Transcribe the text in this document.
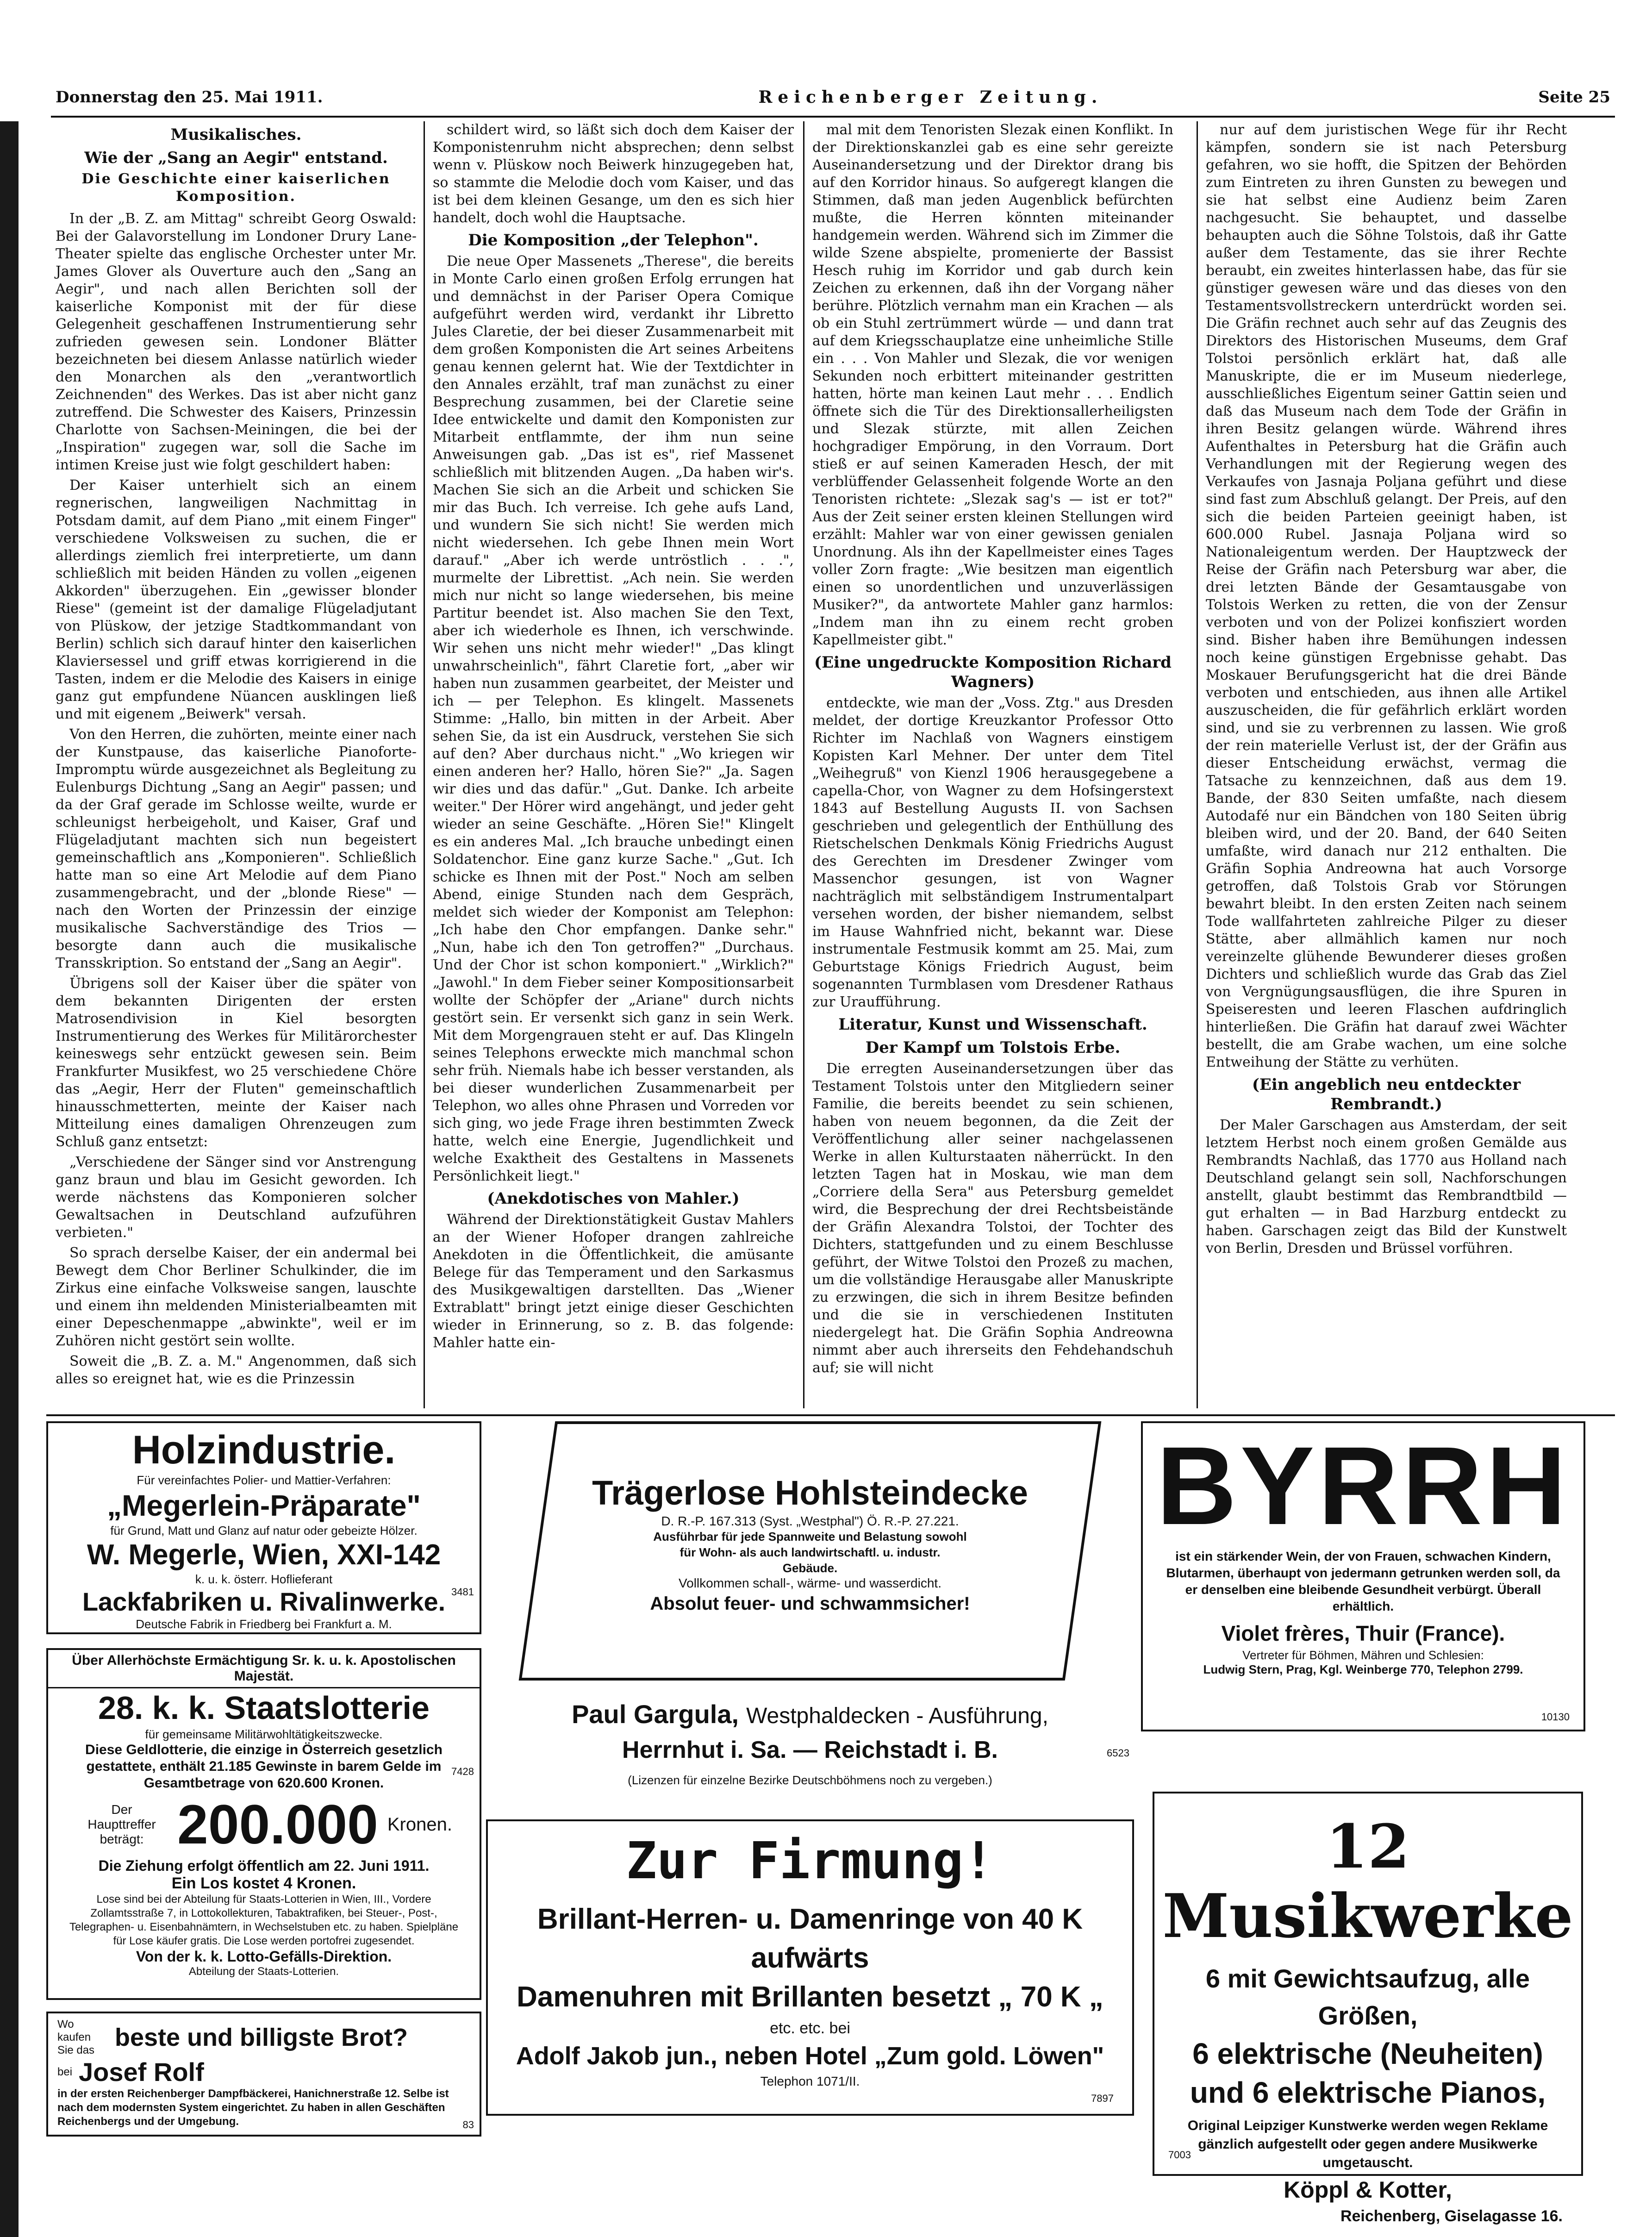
Donnerstag den 25. Mai 1911.	Reichenberger Zeitung.	Seite 25
Musikalisches.
Wie der „Sang an Aegir" entstand.
Die Geschichte einer kaiserlichen Komposition.

In der „B. Z. am Mittag" schreibt Georg Oswald: Bei der Galavorstellung im Londoner Drury Lane-Theater spielte das englische Orchester unter Mr. James Glover als Ouverture auch den „Sang an Aegir", und nach allen Berichten soll der kaiserliche Komponist mit der für diese Gelegenheit geschaffenen Instrumentierung sehr zufrieden gewesen sein. Londoner Blätter bezeichneten bei diesem Anlasse natürlich wieder den Monarchen als den „verantwortlich Zeichnenden" des Werkes. Das ist aber nicht ganz zutreffend. Die Schwester des Kaisers, Prinzessin Charlotte von Sachsen-Meiningen, die bei der „Inspiration" zugegen war, soll die Sache im intimen Kreise just wie folgt geschildert haben:

Der Kaiser unterhielt sich an einem regnerischen, langweiligen Nachmittag in Potsdam damit, auf dem Piano „mit einem Finger" verschiedene Volksweisen zu suchen, die er allerdings ziemlich frei interpretierte, um dann schließlich mit beiden Händen zu vollen „eigenen Akkorden" überzugehen. Ein „gewisser blonder Riese" (gemeint ist der damalige Flügeladjutant von Plüskow, der jetzige Stadtkommandant von Berlin) schlich sich darauf hinter den kaiserlichen Klaviersessel und griff etwas korrigierend in die Tasten, indem er die Melodie des Kaisers in einige ganz gut empfundene Nüancen ausklingen ließ und mit eigenem „Beiwerk" versah.

Von den Herren, die zuhörten, meinte einer nach der Kunstpause, das kaiserliche Pianoforte-Impromptu würde ausgezeichnet als Begleitung zu Eulenburgs Dichtung „Sang an Aegir" passen; und da der Graf gerade im Schlosse weilte, wurde er schleunigst herbeigeholt, und Kaiser, Graf und Flügeladjutant machten sich nun begeistert gemeinschaftlich ans „Komponieren". Schließlich hatte man so eine Art Melodie auf dem Piano zusammengebracht, und der „blonde Riese" — nach den Worten der Prinzessin der einzige musikalische Sachverständige des Trios — besorgte dann auch die musikalische Transskription. So entstand der „Sang an Aegir".

Übrigens soll der Kaiser über die später von dem bekannten Dirigenten der ersten Matrosendivision in Kiel besorgten Instrumentierung des Werkes für Militärorchester keineswegs sehr entzückt gewesen sein. Beim Frankfurter Musikfest, wo 25 verschiedene Chöre das „Aegir, Herr der Fluten" gemeinschaftlich hinausschmetterten, meinte der Kaiser nach Mitteilung eines damaligen Ohrenzeugen zum Schluß ganz entsetzt:

„Verschiedene der Sänger sind vor Anstrengung ganz braun und blau im Gesicht geworden. Ich werde nächstens das Komponieren solcher Gewaltsachen in Deutschland aufzuführen verbieten."

So sprach derselbe Kaiser, der ein andermal bei Bewegt dem Chor Berliner Schulkinder, die im Zirkus eine einfache Volksweise sangen, lauschte und einem ihn meldenden Ministerialbeamten mit einer Depeschenmappe „abwinkte", weil er im Zuhören nicht gestört sein wollte.

Soweit die „B. Z. a. M." Angenommen, daß sich alles so ereignet hat, wie es die Prinzessin

schildert wird, so läßt sich doch dem Kaiser der Komponistenruhm nicht absprechen; denn selbst wenn v. Plüskow noch Beiwerk hinzugegeben hat, so stammte die Melodie doch vom Kaiser, und das ist bei dem kleinen Gesange, um den es sich hier handelt, doch wohl die Hauptsache.

Die Komposition „der Telephon".

Die neue Oper Massenets „Therese", die bereits in Monte Carlo einen großen Erfolg errungen hat und demnächst in der Pariser Opera Comique aufgeführt werden wird, verdankt ihr Libretto Jules Claretie, der bei dieser Zusammenarbeit mit dem großen Komponisten die Art seines Arbeitens genau kennen gelernt hat. Wie der Textdichter in den Annales erzählt, traf man zunächst zu einer Besprechung zusammen, bei der Claretie seine Idee entwickelte und damit den Komponisten zur Mitarbeit entflammte, der ihm nun seine Anweisungen gab. „Das ist es", rief Massenet schließlich mit blitzenden Augen. „Da haben wir's. Machen Sie sich an die Arbeit und schicken Sie mir das Buch. Ich verreise. Ich gehe aufs Land, und wundern Sie sich nicht! Sie werden mich nicht wiedersehen. Ich gebe Ihnen mein Wort darauf." „Aber ich werde untröstlich . . .", murmelte der Librettist. „Ach nein. Sie werden mich nur nicht so lange wiedersehen, bis meine Partitur beendet ist. Also machen Sie den Text, aber ich wiederhole es Ihnen, ich verschwinde. Wir sehen uns nicht mehr wieder!" „Das klingt unwahrscheinlich", fährt Claretie fort, „aber wir haben nun zusammen gearbeitet, der Meister und ich — per Telephon. Es klingelt. Massenets Stimme: „Hallo, bin mitten in der Arbeit. Aber sehen Sie, da ist ein Ausdruck, verstehen Sie sich auf den? Aber durchaus nicht." „Wo kriegen wir einen anderen her? Hallo, hören Sie?" „Ja. Sagen wir dies und das dafür." „Gut. Danke. Ich arbeite weiter." Der Hörer wird angehängt, und jeder geht wieder an seine Geschäfte. „Hören Sie!" Klingelt es ein anderes Mal. „Ich brauche unbedingt einen Soldatenchor. Eine ganz kurze Sache." „Gut. Ich schicke es Ihnen mit der Post." Noch am selben Abend, einige Stunden nach dem Gespräch, meldet sich wieder der Komponist am Telephon: „Ich habe den Chor empfangen. Danke sehr." „Nun, habe ich den Ton getroffen?" „Durchaus. Und der Chor ist schon komponiert." „Wirklich?" „Jawohl." In dem Fieber seiner Kompositionsarbeit wollte der Schöpfer der „Ariane" durch nichts gestört sein. Er versenkt sich ganz in sein Werk. Mit dem Morgengrauen steht er auf. Das Klingeln seines Telephons erweckte mich manchmal schon sehr früh. Niemals habe ich besser verstanden, als bei dieser wunderlichen Zusammenarbeit per Telephon, wo alles ohne Phrasen und Vorreden vor sich ging, wo jede Frage ihren bestimmten Zweck hatte, welch eine Energie, Jugendlichkeit und welche Exaktheit des Gestaltens in Massenets Persönlichkeit liegt."

(Anekdotisches von Mahler.)

Während der Direktionstätigkeit Gustav Mahlers an der Wiener Hofoper drangen zahlreiche Anekdoten in die Öffentlichkeit, die amüsante Belege für das Temperament und den Sarkasmus des Musikgewaltigen darstellten. Das „Wiener Extrablatt" bringt jetzt einige dieser Geschichten wieder in Erinnerung, so z. B. das folgende: Mahler hatte ein-

mal mit dem Tenoristen Slezak einen Konflikt. In der Direktionskanzlei gab es eine sehr gereizte Auseinandersetzung und der Direktor drang bis auf den Korridor hinaus. So aufgeregt klangen die Stimmen, daß man jeden Augenblick befürchten mußte, die Herren könnten miteinander handgemein werden. Während sich im Zimmer die wilde Szene abspielte, promenierte der Bassist Hesch ruhig im Korridor und gab durch kein Zeichen zu erkennen, daß ihn der Vorgang näher berühre. Plötzlich vernahm man ein Krachen — als ob ein Stuhl zertrümmert würde — und dann trat auf dem Kriegsschauplatze eine unheimliche Stille ein . . . Von Mahler und Slezak, die vor wenigen Sekunden noch erbittert miteinander gestritten hatten, hörte man keinen Laut mehr . . . Endlich öffnete sich die Tür des Direktionsallerheiligsten und Slezak stürzte, mit allen Zeichen hochgradiger Empörung, in den Vorraum. Dort stieß er auf seinen Kameraden Hesch, der mit verblüffender Gelassenheit folgende Worte an den Tenoristen richtete: „Slezak sag's — ist er tot?" Aus der Zeit seiner ersten kleinen Stellungen wird erzählt: Mahler war von einer gewissen genialen Unordnung. Als ihn der Kapellmeister eines Tages voller Zorn fragte: „Wie besitzen man eigentlich einen so unordentlichen und unzuverlässigen Musiker?", da antwortete Mahler ganz harmlos: „Indem man ihn zu einem recht groben Kapellmeister gibt."

(Eine ungedruckte Komposition Richard Wagners)

entdeckte, wie man der „Voss. Ztg." aus Dresden meldet, der dortige Kreuzkantor Professor Otto Richter im Nachlaß von Wagners einstigem Kopisten Karl Mehner. Der unter dem Titel „Weihegruß" von Kienzl 1906 herausgegebene a capella-Chor, von Wagner zu dem Hofsingerstext 1843 auf Bestellung Augusts II. von Sachsen geschrieben und gelegentlich der Enthüllung des Rietschelschen Denkmals König Friedrichs August des Gerechten im Dresdener Zwinger vom Massenchor gesungen, ist von Wagner nachträglich mit selbständigem Instrumentalpart versehen worden, der bisher niemandem, selbst im Hause Wahnfried nicht, bekannt war. Diese instrumentale Festmusik kommt am 25. Mai, zum Geburtstage Königs Friedrich August, beim sogenannten Turmblasen vom Dresdener Rathaus zur Uraufführung.

Literatur, Kunst und Wissenschaft.
Der Kampf um Tolstois Erbe.

Die erregten Auseinandersetzungen über das Testament Tolstois unter den Mitgliedern seiner Familie, die bereits beendet zu sein schienen, haben von neuem begonnen, da die Zeit der Veröffentlichung aller seiner nachgelassenen Werke in allen Kulturstaaten näherrückt. In den letzten Tagen hat in Moskau, wie man dem „Corriere della Sera" aus Petersburg gemeldet wird, die Besprechung der drei Rechtsbeistände der Gräfin Alexandra Tolstoi, der Tochter des Dichters, stattgefunden und zu einem Beschlusse geführt, der Witwe Tolstoi den Prozeß zu machen, um die vollständige Herausgabe aller Manuskripte zu erzwingen, die sich in ihrem Besitze befinden und die sie in verschiedenen Instituten niedergelegt hat. Die Gräfin Sophia Andreowna nimmt aber auch ihrerseits den Fehdehandschuh auf; sie will nicht

nur auf dem juristischen Wege für ihr Recht kämpfen, sondern sie ist nach Petersburg gefahren, wo sie hofft, die Spitzen der Behörden zum Eintreten zu ihren Gunsten zu bewegen und sie hat selbst eine Audienz beim Zaren nachgesucht. Sie behauptet, und dasselbe behaupten auch die Söhne Tolstois, daß ihr Gatte außer dem Testamente, das sie ihrer Rechte beraubt, ein zweites hinterlassen habe, das für sie günstiger gewesen wäre und das dieses von den Testamentsvollstreckern unterdrückt worden sei. Die Gräfin rechnet auch sehr auf das Zeugnis des Direktors des Historischen Museums, dem Graf Tolstoi persönlich erklärt hat, daß alle Manuskripte, die er im Museum niederlege, ausschließliches Eigentum seiner Gattin seien und daß das Museum nach dem Tode der Gräfin in ihren Besitz gelangen würde. Während ihres Aufenthaltes in Petersburg hat die Gräfin auch Verhandlungen mit der Regierung wegen des Verkaufes von Jasnaja Poljana geführt und diese sind fast zum Abschluß gelangt. Der Preis, auf den sich die beiden Parteien geeinigt haben, ist 600.000 Rubel. Jasnaja Poljana wird so Nationaleigentum werden. Der Hauptzweck der Reise der Gräfin nach Petersburg war aber, die drei letzten Bände der Gesamtausgabe von Tolstois Werken zu retten, die von der Zensur verboten und von der Polizei konfisziert worden sind. Bisher haben ihre Bemühungen indessen noch keine günstigen Ergebnisse gehabt. Das Moskauer Berufungsgericht hat die drei Bände verboten und entschieden, aus ihnen alle Artikel auszuscheiden, die für gefährlich erklärt worden sind, und sie zu verbrennen zu lassen. Wie groß der rein materielle Verlust ist, der der Gräfin aus dieser Entscheidung erwächst, vermag die Tatsache zu kennzeichnen, daß aus dem 19. Bande, der 830 Seiten umfaßte, nach diesem Autodafé nur ein Bändchen von 180 Seiten übrig bleiben wird, und der 20. Band, der 640 Seiten umfaßte, wird danach nur 212 enthalten. Die Gräfin Sophia Andreowna hat auch Vorsorge getroffen, daß Tolstois Grab vor Störungen bewahrt bleibt. In den ersten Zeiten nach seinem Tode wallfahrteten zahlreiche Pilger zu dieser Stätte, aber allmählich kamen nur noch vereinzelte glühende Bewunderer dieses großen Dichters und schließlich wurde das Grab das Ziel von Vergnügungsausflügen, die ihre Spuren in Speiseresten und leeren Flaschen aufdringlich hinterließen. Die Gräfin hat darauf zwei Wächter bestellt, die am Grabe wachen, um eine solche Entweihung der Stätte zu verhüten.

(Ein angeblich neu entdeckter Rembrandt.)

Der Maler Garschagen aus Amsterdam, der seit letztem Herbst noch einem großen Gemälde aus Rembrandts Nachlaß, das 1770 aus Holland nach Deutschland gelangt sein soll, Nachforschungen anstellt, glaubt bestimmt das Rembrandtbild — gut erhalten — in Bad Harzburg entdeckt zu haben. Garschagen zeigt das Bild der Kunstwelt von Berlin, Dresden und Brüssel vorführen.

Holzindustrie.
Für vereinfachtes Polier- und Mattier-Verfahren:
„Megerlein-Präparate"
für Grund, Matt und Glanz auf natur oder gebeizte Hölzer.
W. Megerle, Wien, XXI-142
k. u. k. österr. Hoflieferant
Lackfabriken u. Rivalinwerke.
Deutsche Fabrik in Friedberg bei Frankfurt a. M.
3481
Über Allerhöchste Ermächtigung Sr. k. u. k. Apostolischen Majestät.
28. k. k. Staatslotterie
für gemeinsame Militärwohltätigkeitszwecke.
Diese Geldlotterie, die einzige in Österreich gesetzlich gestattete, enthält 21.185 Gewinste in barem Gelde im Gesamtbetrage von 620.600 Kronen.
Der Haupttreffer beträgt: 200.000 Kronen.
Die Ziehung erfolgt öffentlich am 22. Juni 1911.
Ein Los kostet 4 Kronen.
Lose sind bei der Abteilung für Staats-Lotterien in Wien, III., Vordere Zollamtsstraße 7, in Lottokollekturen, Tabaktrafiken, bei Steuer-, Post-, Telegraphen- u. Eisenbahnämtern, in Wechselstuben etc. zu haben. Spielpläne für Lose käufer gratis. Die Lose werden portofrei zugesendet.
Von der k. k. Lotto-Gefälls-Direktion.
Abteilung der Staats-Lotterien.
7428
Wo kaufen Sie das beste und billigste Brot?
bei Josef Rolf
in der ersten Reichenberger Dampfbäckerei, Hanichnerstraße 12. Selbe ist nach dem modernsten System eingerichtet. Zu haben in allen Geschäften Reichenbergs und der Umgebung.	83
Trägerlose Hohlsteindecke
D. R.-P. 167.313 (Syst. „Westphal") Ö. R.-P. 27.221.
Ausführbar für jede Spannweite und Belastung sowohl für Wohn- als auch landwirtschaftl. u. industr. Gebäude.
Vollkommen schall-, wärme- und wasserdicht.
Absolut feuer- und schwammsicher!
Paul Gargula, Westphaldecken - Ausführung,
Herrnhut i. Sa. — Reichstadt i. B.
(Lizenzen für einzelne Bezirke Deutschböhmens noch zu vergeben.)
6523
Zur Firmung!
Brillant-Herren- u. Damenringe von 40 K aufwärts
Damenuhren mit Brillanten besetzt „ 70 K „
etc. etc. bei
Adolf Jakob jun., neben Hotel „Zum gold. Löwen"
Telephon 1071/II.
7897
BYRRH
ist ein stärkender Wein, der von Frauen, schwachen Kindern, Blutarmen, überhaupt von jedermann getrunken werden soll, da er denselben eine bleibende Gesundheit verbürgt. Überall erhältlich.
Violet frères, Thuir (France).
Vertreter für Böhmen, Mähren und Schlesien:
Ludwig Stern, Prag, Kgl. Weinberge 770, Telephon 2799.
10130
12 Musikwerke
6 mit Gewichtsaufzug, alle Größen,
6 elektrische (Neuheiten)
und 6 elektrische Pianos,
Original Leipziger Kunstwerke werden wegen Reklame gänzlich aufgestellt oder gegen andere Musikwerke umgetauscht.
Köppl & Kotter,
Reichenberg, Giselagasse 16.
7003
